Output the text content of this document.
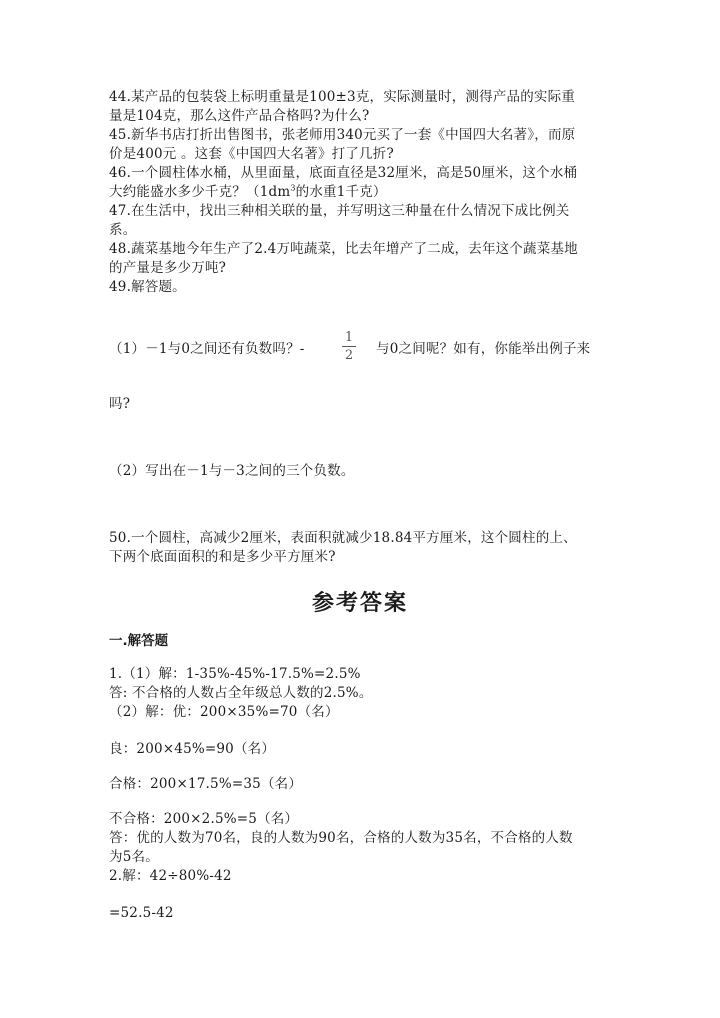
44.某产品的包装袋上标明重量是100±3克，实际测量时，测得产品的实际重
量是104克，那么这件产品合格吗?为什么?
45.新华书店打折出售图书，张老师用340元买了一套《中国四大名著》，而原
价是400元 。这套《中国四大名著》打了几折?
46.一个圆柱体水桶，从里面量，底面直径是32厘米，高是50厘米，这个水桶
大约能盛水多少千克？（$1dm^3$的水重1千克）
47.在生活中，找出三种相关联的量，并写明这三种量在什么情况下成比例关
系。
48.蔬菜基地今年生产了2.4万吨蔬菜，比去年增产了二成，去年这个蔬菜基地
的产量是多少万吨?
49.解答题。
（1）－1与0之间还有负数吗？-
1
2 与0之间呢？如有，你能举出例子来
吗?
（2）写出在－1与－3之间的三个负数。
50.一个圆柱，高减少2厘米，表面积就减少18.84平方厘米，这个圆柱的上、
下两个底面面积的和是多少平方厘米?
参考答案
一.解答题
1.（1）解：1-35%-45%-17.5%=2.5%
答: 不合格的人数占全年级总人数的2.5%。
（2）解：优：200×35%=70（名）
良：200×45%=90（名）
合格：200×17.5%=35（名）
不合格：200×2.5%=5（名）
答：优的人数为70名，良的人数为90名，合格的人数为35名，不合格的人数
为5名。
2.解：42÷80%-42
=52.5-42
